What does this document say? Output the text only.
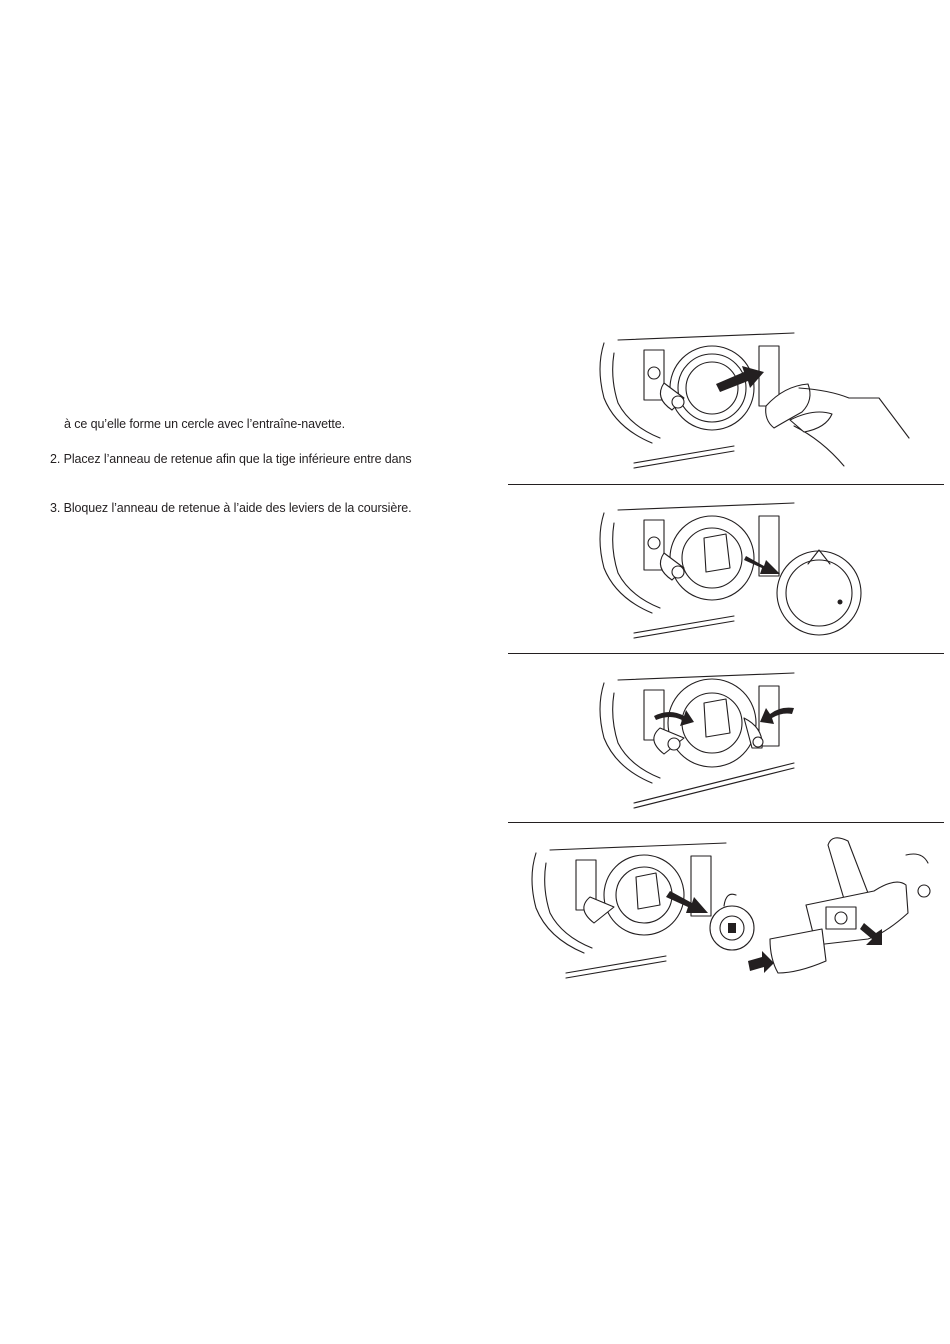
à ce qu’elle forme un cercle avec l’entraîne-navette.
2. Placez l’anneau de retenue afin que la tige inférieure entre dans
3. Bloquez l’anneau de retenue à l’aide des leviers de la coursière.
